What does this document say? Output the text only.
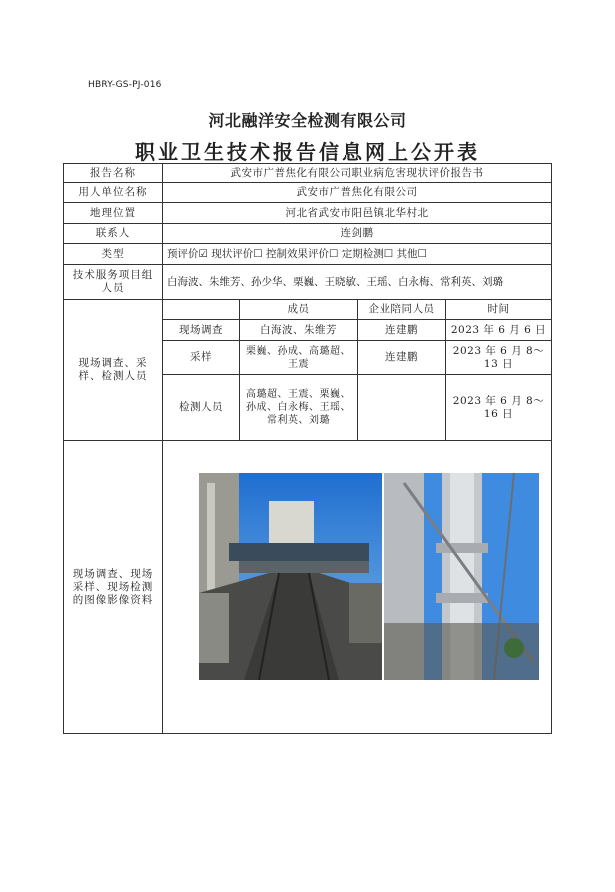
HBRY-GS-PJ-016
河北融洋安全检测有限公司
职业卫生技术报告信息网上公开表
报告名称	武安市广普焦化有限公司职业病危害现状评价报告书			
用人单位名称	武安市广普焦化有限公司			
地理位置	河北省武安市阳邑镇北华村北			
联系人	连剑鹏			
类型	预评价☑ 现状评价☐ 控制效果评价☐ 定期检测☐ 其他☐			
技术服务项目组人员	白海波、朱维芳、孙少华、栗巍、王晓敏、王瑶、白永梅、常利英、刘璐			
现场调查、采样、检测人员		成员	企业陪同人员	时间
	现场调查	白海波、朱维芳	连建鹏	2023 年 6 月 6 日
	采样	栗巍、孙成、高璐超、王震	连建鹏	2023 年 6 月 8～13 日
	检测人员	高璐超、王震、栗巍、孙成、白永梅、王瑶、常利英、刘璐		2023 年 6 月 8～16 日
现场调查、现场采样、现场检测的图像影像资料	
